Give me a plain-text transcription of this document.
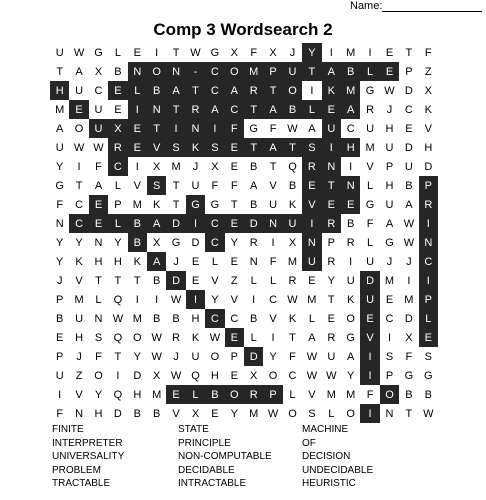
Name:
Comp 3 Wordsearch 2
U W G	L	E	I	T W G	X	F	X	J	Y	I	M	I	E	T	F
T	A	X	B	N	O	N	-	C	O M	P	U	T	A	B	L	E	P	Z
H	U	C	E	L	B	A	T	C	A	R	T	O	I	K	M G W D	X
M	E	U	E	I	N	T	R	A	C	T	A	B	L	E	A	R	J	C	K
A	O	U	X	E	T	I	N	I	F	G	F W A	U	C	U	H	E	V
U W W R	E	V	S	K	S	E	T	A	T	S	I	H M U	D	H
Y	I	F	C	I	X	M	J	X	E	B	T	Q	R	N	I	V	P	U	D
G	T	A	L	V	S	T	U	F	F	A	V	B	E	T	N	L	H	B	P
F	C	E	P	M	K	T	G G	T	B	U	K	V	E	E	G	U	A	R
N	C	E	L	B	A	D	I	C	E	D	N	U	I	R	B	F	A W	I
Y	Y	N	Y	B	X	G	D	C	Y	R	I	X	N	P	R	L	G W N
Y	K	H	H	K	A	J	E	L	E	N	F	M U	R	I	U	J	J	C
J	V	T	T	T	B	D	E	V	Z	L	L	R	E	Y	U	D M	I	I
P	M	L	Q	I	I	W	I	Y	V	I	C W M	T	K	U	E	M	P
B	U	N W M	B	B	H	C	C	B	V	K	L	E	O	E	C	D	L
E	H	S	Q O W R	K W E	L	I	T	A	R	G	V	I	X	E
P	J	F	T	Y W	J	U	O	P	D	Y	F W U	A	I	S	F	S
U	Z	O	I	D	X W Q	H	E	X	O	C W W Y	I	P	G G
I	V	Y	Q	H M	E	L	B	O	R	P	L	V	M M	F	O	B	B
F	N	H	D	B	B	V	X	E	Y	M W O	S	L	O	I	N	T W
FINITE	STATE	MACHINE
INTERPRETER	PRINCIPLE	OF
UNIVERSALITY	NON-COMPUTABLE	DECISION
PROBLEM	DECIDABLE	UNDECIDABLE
TRACTABLE	INTRACTABLE	HEURISTIC
